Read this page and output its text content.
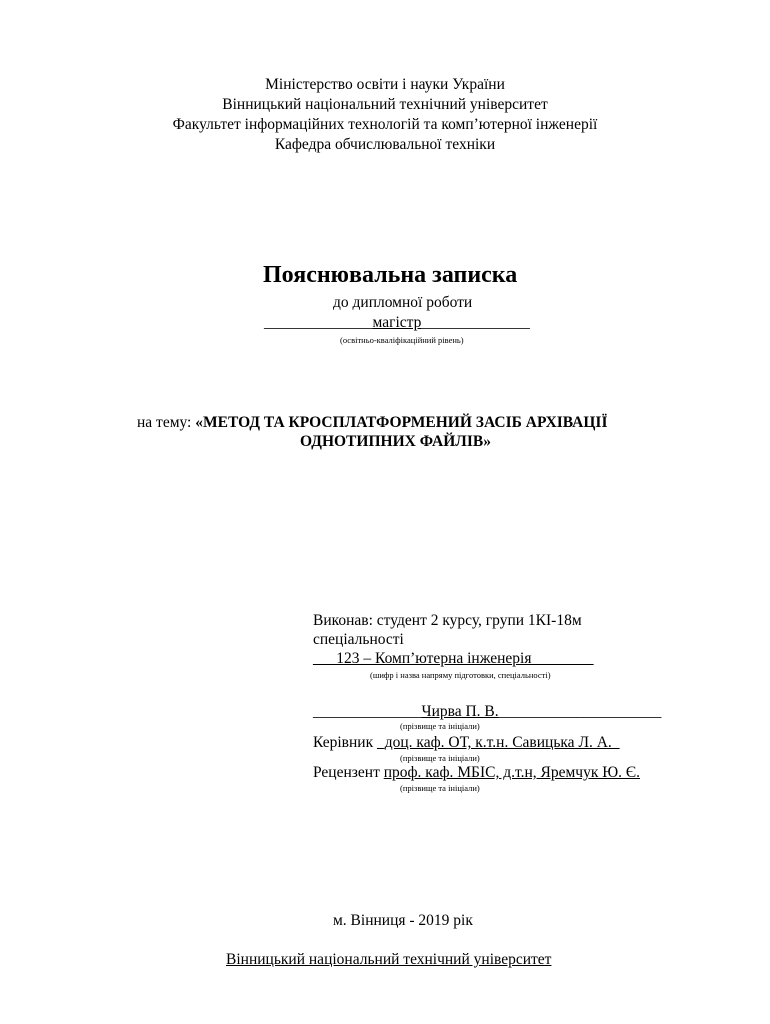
Міністерство освіти і науки України
Вінницький національний технічний університет
Факультет інформаційних технологій та комп’ютерної інженерії
Кафедра обчислювальної техніки
Пояснювальна записка
до дипломної роботи
______________магістр______________
(освітньо-кваліфікаційний рівень)
на тему: «МЕТОД ТА КРОСПЛАТФОРМЕНИЙ ЗАСІБ АРХІВАЦІЇ
ОДНОТИПНИХ ФАЙЛІВ»
Виконав: студент 2 курсу, групи 1КІ-18м
спеціальності
___123 – Комп’ютерна інженерія________
(шифр і назва напряму підготовки, спеціальності)
______________Чирва П. В._____________________
(прізвище та ініціали)
Керівник _доц. каф. ОТ, к.т.н. Савицька Л. А._
(прізвище та ініціали)
Рецензент проф. каф. МБІС, д.т.н, Яремчук Ю. Є.
(прізвище та ініціали)
м. Вінниця - 2019 рік
Вінницький національний технічний університет
